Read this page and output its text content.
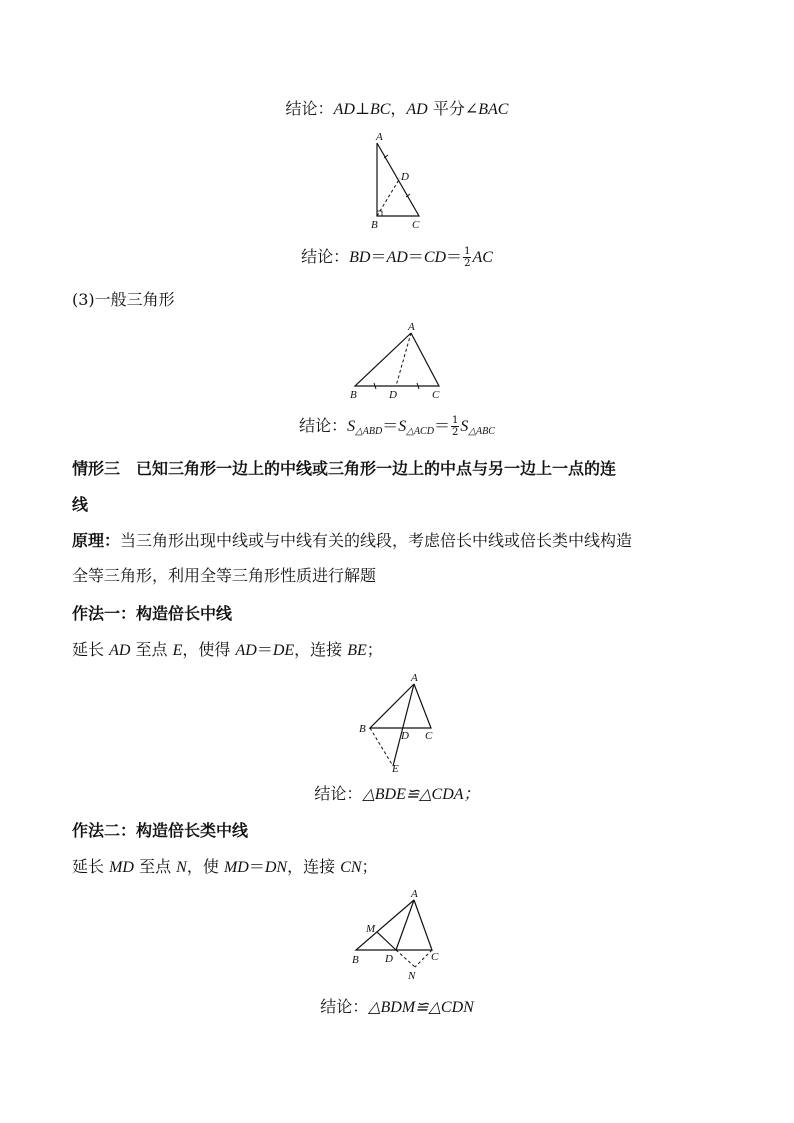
结论：AD⊥BC，AD 平分∠BAC
A
B	C
D
结论：$BD=AD=CD= \frac{1}{2}$ AC
(3)一般三角形
A
B	D	C
结论：$S_{\triangle ABD}=S_{\triangle ACD}= \frac{1}{2} S_{\triangle ABC}$
情形三　已知三角形一边上的中线或三角形一边上的中点与另一边上一点的连
线
原理：当三角形出现中线或与中线有关的线段，考虑倍长中线或倍长类中线构造
全等三角形，利用全等三角形性质进行解题
作法一：构造倍长中线
延长 AD 至点 E，使得 AD＝DE，连接 BE；
A
B
D C
E
结论：△BDE≌△CDA；
作法二：构造倍长类中线
延长 MD 至点 N，使 MD＝DN，连接 CN；
A
M
B D	C
N
结论：△BDM≌△CDN
